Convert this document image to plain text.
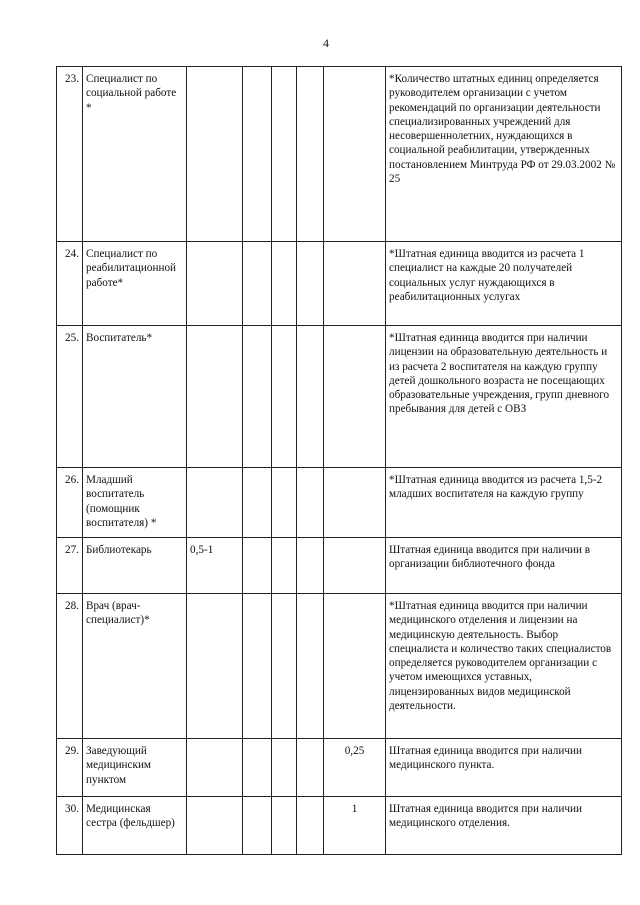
4
23.	Специалист по социальной работе *						*Количество штатных единиц определяется руководителем организации с учетом рекомендаций по организации деятельности специализированных учреждений для несовершеннолетних, нуждающихся в социальной реабилитации, утвержденных постановлением Минтруда РФ от 29.03.2002 № 25
24.	Специалист по реабилитационной работе*						*Штатная единица вводится из расчета 1 специалист на каждые 20 получателей социальных услуг нуждающихся в реабилитационных услугах
25.	Воспитатель*						*Штатная единица вводится при наличии лицензии на образовательную деятельность и из расчета 2 воспитателя на каждую группу детей дошкольного возраста не посещающих образовательные учреждения, групп дневного пребывания для детей с ОВЗ
26.	Младший воспитатель (помощник воспитателя) *						*Штатная единица вводится из расчета 1,5-2 младших воспитателя на каждую группу
27.	Библиотекарь	0,5-1					Штатная единица вводится при наличии в организации библиотечного фонда
28.	Врач (врач-специалист)*						*Штатная единица вводится при наличии медицинского отделения и лицензии на медицинскую деятельность. Выбор специалиста и количество таких специалистов определяется руководителем организации с учетом имеющихся уставных, лицензированных видов медицинской деятельности.
29.	Заведующий медицинским пунктом					0,25	Штатная единица вводится при наличии медицинского пункта.
30.	Медицинская сестра (фельдшер)					1	Штатная единица вводится при наличии медицинского отделения.
